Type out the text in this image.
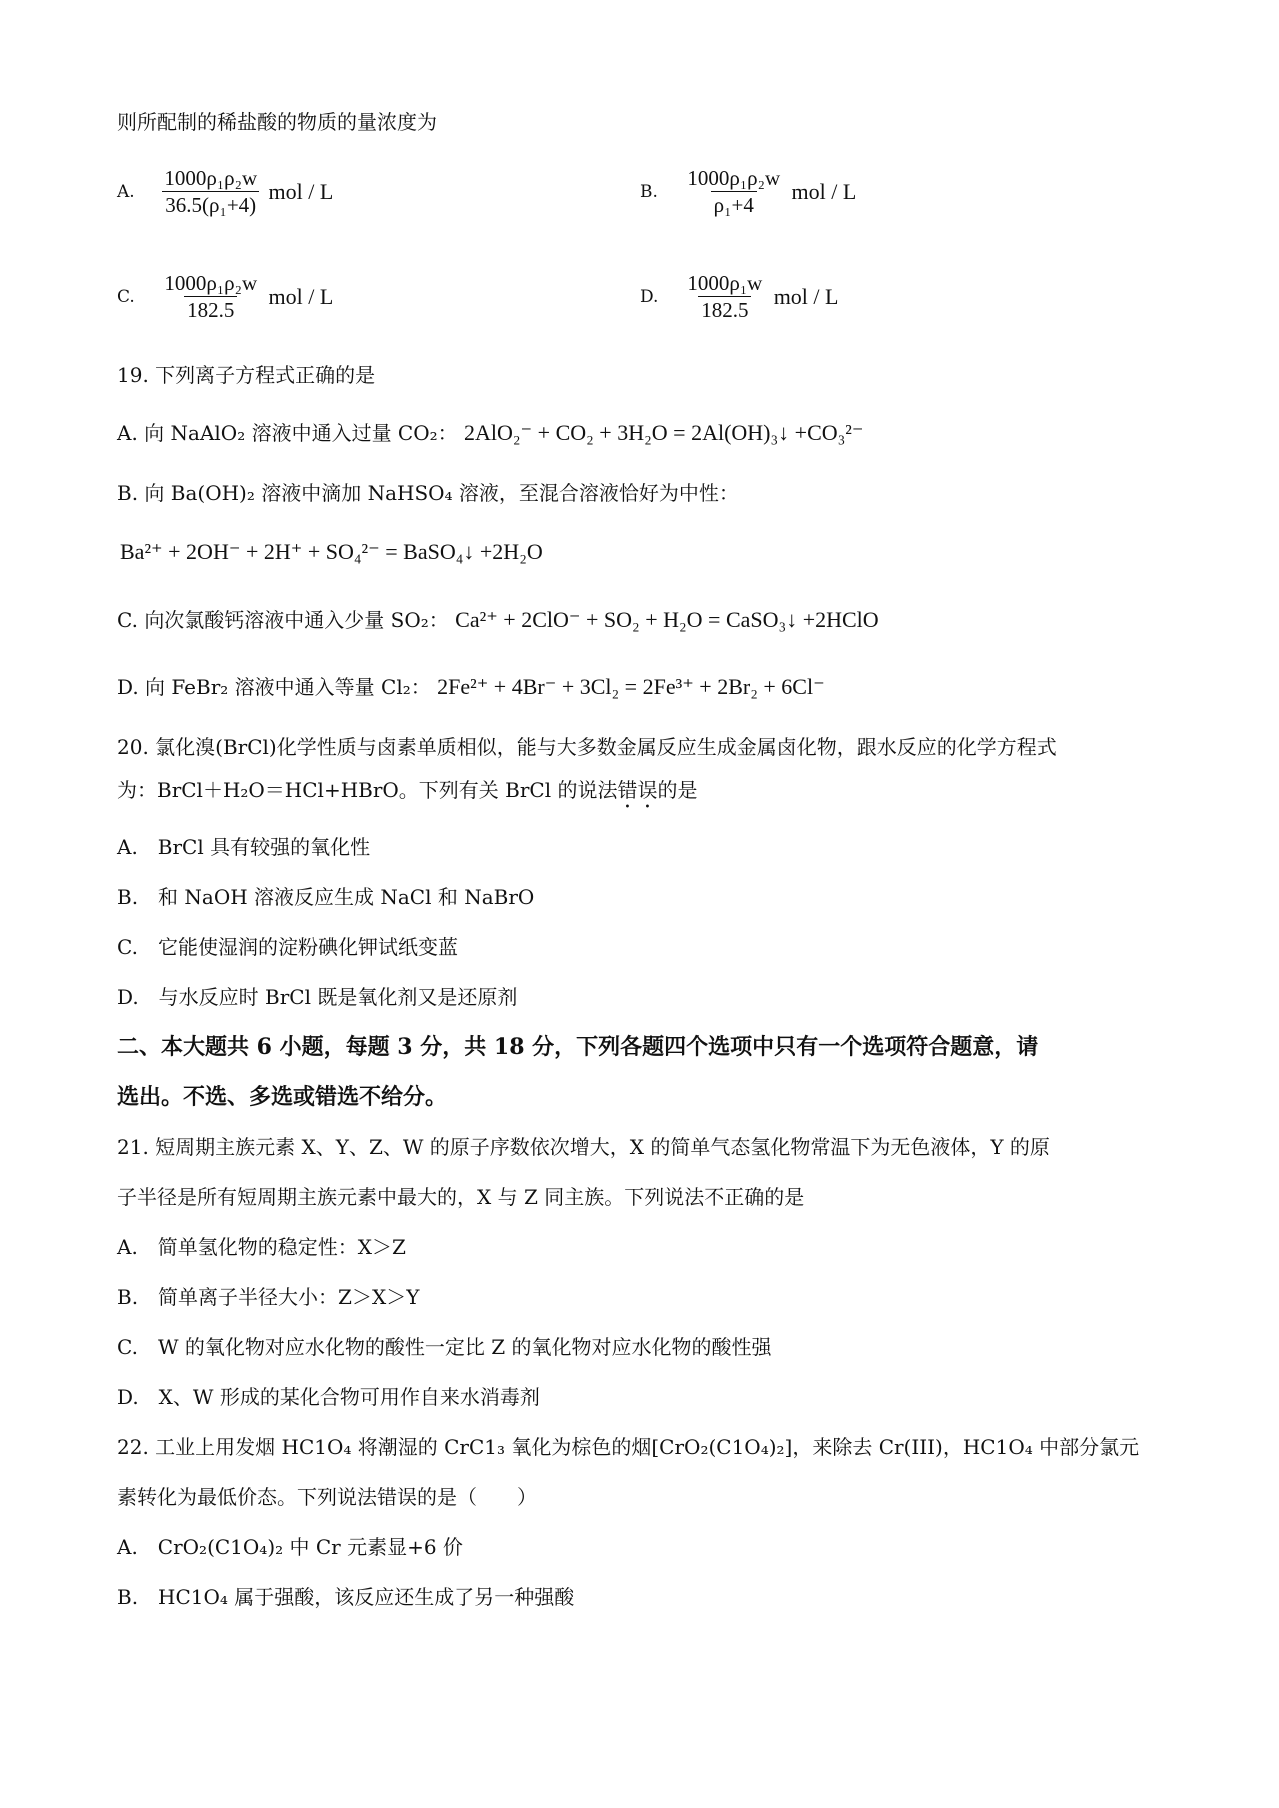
则所配制的稀盐酸的物质的量浓度为
A. $\frac{\text{1000ρ₁ρ₂w}}{\text{36.5(ρ₁+4)}}$ mol / L	B. $\frac{\text{1000ρ₁ρ₂w}}{\text{ρ₁+4}}$ mol / L
C. $\frac{\text{1000ρ₁ρ₂w}}{182.5}$ mol / L	D. $\frac{\text{1000ρ₁w}}{182.5}$ mol / L
19. 下列离子方程式正确的是
A. 向 NaAlO₂ 溶液中通入过量 CO₂： 2AlO₂⁻ + CO₂ + 3H₂O = 2Al(OH)₃↓ +CO₃²⁻
B. 向 Ba(OH)₂ 溶液中滴加 NaHSO₄ 溶液，至混合溶液恰好为中性：
Ba²⁺ + 2OH⁻ + 2H⁺ + SO₄²⁻ = BaSO₄↓ +2H₂O
C. 向次氯酸钙溶液中通入少量 SO₂： Ca²⁺ + 2ClO⁻ + SO₂ + H₂O = CaSO₃↓ +2HClO
D. 向 FeBr₂ 溶液中通入等量 Cl₂： 2Fe²⁺ + 4Br⁻ + 3Cl₂ = 2Fe³⁺ + 2Br₂ + 6Cl⁻
20. 氯化溴(BrCl)化学性质与卤素单质相似，能与大多数金属反应生成金属卤化物，跟水反应的化学方程式
为：BrCl＋H₂O＝HCl+HBrO。下列有关 BrCl 的说法错误的是
A.　BrCl 具有较强的氧化性
B.　和 NaOH 溶液反应生成 NaCl 和 NaBrO
C.　它能使湿润的淀粉碘化钾试纸变蓝
D.　与水反应时 BrCl 既是氧化剂又是还原剂
二、本大题共 6 小题，每题 3 分，共 18 分，下列各题四个选项中只有一个选项符合题意，请
选出。不选、多选或错选不给分。
21. 短周期主族元素 X、Y、Z、W 的原子序数依次增大，X 的简单气态氢化物常温下为无色液体，Y 的原
子半径是所有短周期主族元素中最大的，X 与 Z 同主族。下列说法不正确的是
A.　简单氢化物的稳定性：X＞Z
B.　简单离子半径大小：Z＞X＞Y
C.　W 的氧化物对应水化物的酸性一定比 Z 的氧化物对应水化物的酸性强
D.　X、W 形成的某化合物可用作自来水消毒剂
22. 工业上用发烟 HC1O₄ 将潮湿的 CrC1₃ 氧化为棕色的烟[CrO₂(C1O₄)₂]，来除去 Cr(III)，HC1O₄ 中部分氯元
素转化为最低价态。下列说法错误的是（　　）
A.　CrO₂(C1O₄)₂ 中 Cr 元素显+6 价
B.　HC1O₄ 属于强酸，该反应还生成了另一种强酸
